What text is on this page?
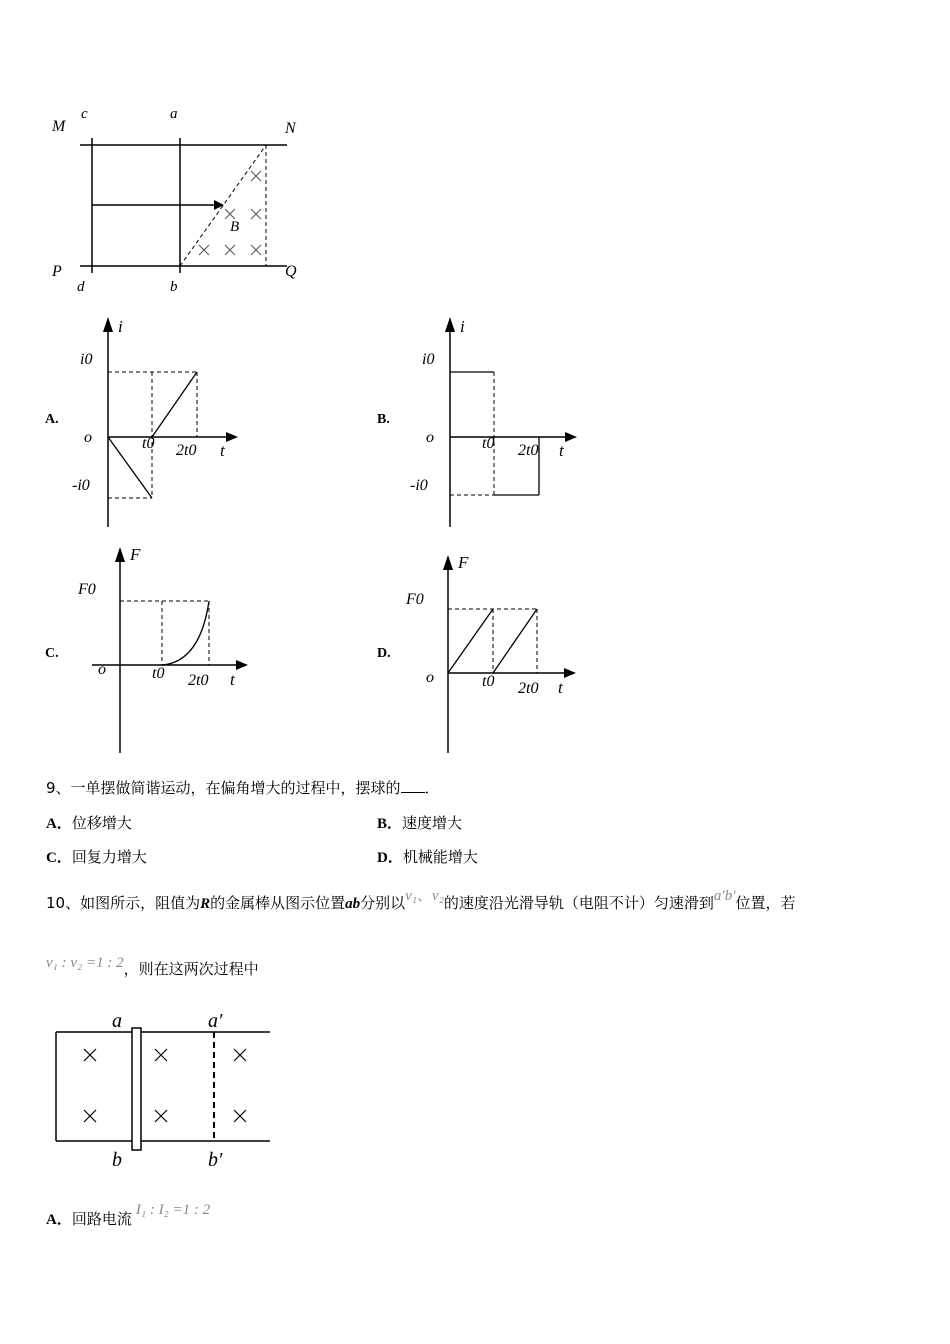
M	N
P	Q
c	a
d	b
B
A.
i
t
o
i0
-i0
t0 2t0
B.
i
t
o
i0
-i0
t0 2t0
C.
F
t
o
F0
t0 2t0
D.
F
t
o
F0
t0 2t0
9、一单摆做简谐运动，在偏角增大的过程中，摆球的 ．
A．位移增大	B．速度增大
C．回复力增大	D．机械能增大
10、如图所示，阻值为R的金属棒从图示位置ab分别以v₁、v₂的速度沿光滑导轨（电阻不计）匀速滑到a′b′位置，若
v₁ : v₂ =1 : 2，则在这两次过程中
a	a′
b	b′
A．回路电流 I₁ : I₂ =1 : 2
